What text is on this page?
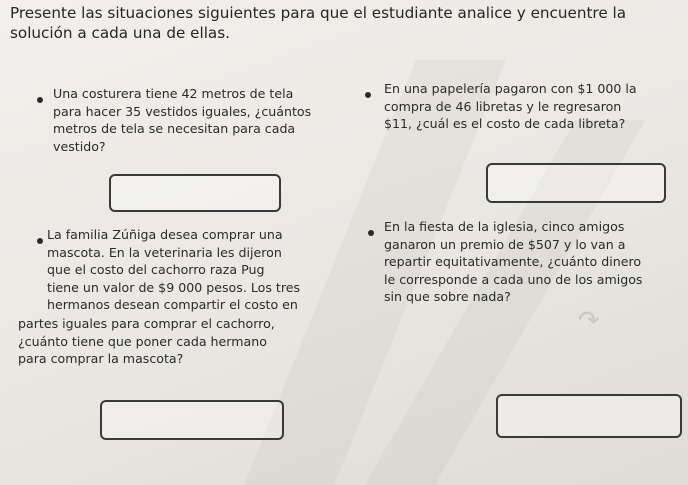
Presente las situaciones siguientes para que el estudiante analice y encuentre la
solución a cada una de ellas.
Una costurera tiene 42 metros de tela
para hacer 35 vestidos iguales, ¿cuántos
metros de tela se necesitan para cada
vestido?
En una papelería pagaron con $1 000 la
compra de 46 libretas y le regresaron
$11, ¿cuál es el costo de cada libreta?
La familia Zúñiga desea comprar una
mascota. En la veterinaria les dijeron
que el costo del cachorro raza Pug
tiene un valor de $9 000 pesos. Los tres
hermanos desean compartir el costo en
partes iguales para comprar el cachorro,
¿cuánto tiene que poner cada hermano
para comprar la mascota?
En la fiesta de la iglesia, cinco amigos
ganaron un premio de $507 y lo van a
repartir equitativamente, ¿cuánto dinero
le corresponde a cada uno de los amigos
sin que sobre nada?
↷
